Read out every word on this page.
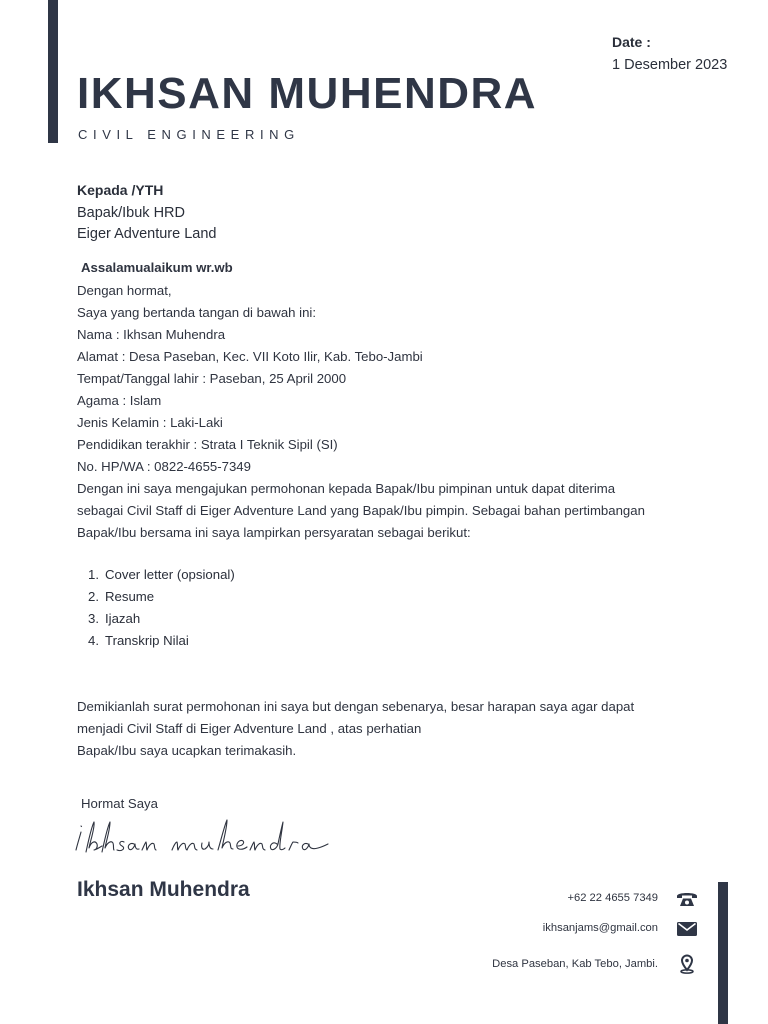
Date :
1 Desember 2023
IKHSAN MUHENDRA
CIVIL ENGINEERING
Kepada /YTH
Bapak/Ibuk HRD
Eiger Adventure Land
Assalamualaikum wr.wb
Dengan hormat,
Saya yang bertanda tangan di bawah ini:
Nama : Ikhsan Muhendra
Alamat : Desa Paseban, Kec. VII Koto Ilir, Kab. Tebo-Jambi
Tempat/Tanggal lahir : Paseban, 25 April 2000
Agama : Islam
Jenis Kelamin : Laki-Laki
Pendidikan terakhir : Strata I Teknik Sipil (SI)
No. HP/WA : 0822-4655-7349
Dengan ini saya mengajukan permohonan kepada Bapak/Ibu pimpinan untuk dapat diterima
sebagai Civil Staff di Eiger Adventure Land yang Bapak/Ibu pimpin. Sebagai bahan pertimbangan
Bapak/Ibu bersama ini saya lampirkan persyaratan sebagai berikut:
1. Cover letter (opsional)
2. Resume
3. Ijazah
4. Transkrip Nilai
Demikianlah surat permohonan ini saya but dengan sebenarya, besar harapan saya agar dapat
menjadi Civil Staff di Eiger Adventure Land , atas perhatian
Bapak/Ibu saya ucapkan terimakasih.
Hormat Saya
Ikhsan Muhendra	+62 22 4655 7349
ikhsanjams@gmail.con
Desa Paseban, Kab Tebo, Jambi.
